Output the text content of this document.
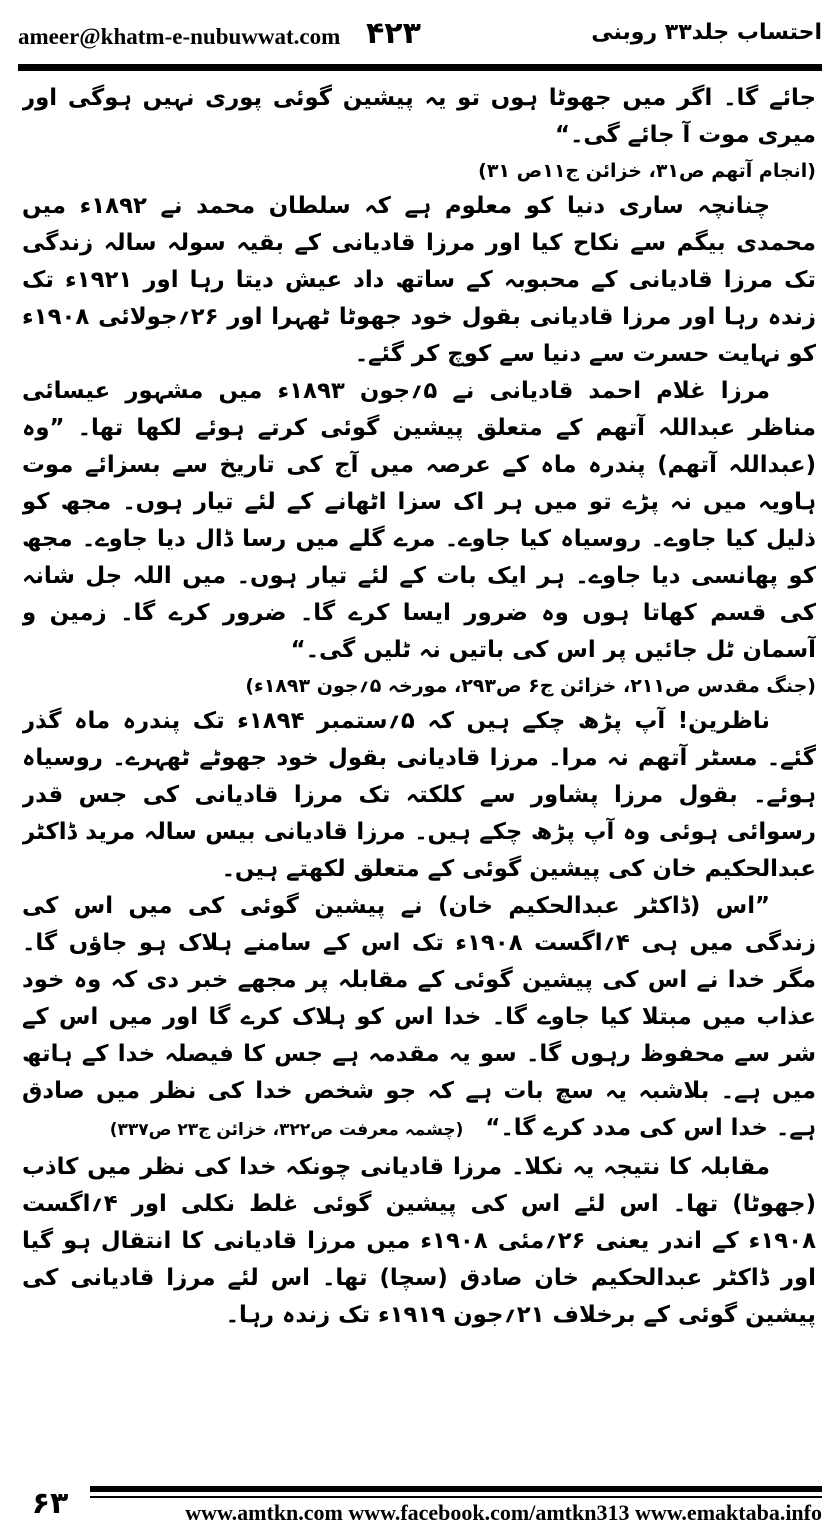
ameer@khatm-e-nubuwwat.com ۴۲۳	احتساب جلد۳۳ روبنی

جائے گا۔ اگر میں جھوٹا ہوں تو یہ پیشین گوئی پوری نہیں ہوگی اور میری موت آ جائے گی۔“

(انجام آتھم ص۳۱، خزائن ج۱۱ص ۳۱)

چنانچہ ساری دنیا کو معلوم ہے کہ سلطان محمد نے ۱۸۹۲ء میں محمدی بیگم سے نکاح کیا اور مرزا قادیانی کے بقیہ سولہ سالہ زندگی تک مرزا قادیانی کے محبوبہ کے ساتھ داد عیش دیتا رہا اور ۱۹۲۱ء تک زندہ رہا اور مرزا قادیانی بقول خود جھوٹا ٹھہرا اور ۲۶؍جولائی ۱۹۰۸ء کو نہایت حسرت سے دنیا سے کوچ کر گئے۔

مرزا غلام احمد قادیانی نے ۵؍جون ۱۸۹۳ء میں مشہور عیسائی مناظر عبداللہ آتھم کے متعلق پیشین گوئی کرتے ہوئے لکھا تھا۔ ”وہ (عبداللہ آتھم) پندرہ ماہ کے عرصہ میں آج کی تاریخ سے بسزائے موت ہاویہ میں نہ پڑے تو میں ہر اک سزا اٹھانے کے لئے تیار ہوں۔ مجھ کو ذلیل کیا جاوے۔ روسیاہ کیا جاوے۔ مرے گلے میں رسا ڈال دیا جاوے۔ مجھ کو پھانسی دیا جاوے۔ ہر ایک بات کے لئے تیار ہوں۔ میں اللہ جل شانہ کی قسم کھاتا ہوں وہ ضرور ایسا کرے گا۔ ضرور کرے گا۔ زمین و آسمان ٹل جائیں پر اس کی باتیں نہ ٹلیں گی۔“

(جنگ مقدس ص۲۱۱، خزائن ج۶ ص۲۹۳، مورخہ ۵؍جون ۱۸۹۳ء)

ناظرین! آپ پڑھ چکے ہیں کہ ۵؍ستمبر ۱۸۹۴ء تک پندرہ ماہ گذر گئے۔ مسٹر آتھم نہ مرا۔ مرزا قادیانی بقول خود جھوٹے ٹھہرے۔ روسیاہ ہوئے۔ بقول مرزا پشاور سے کلکتہ تک مرزا قادیانی کی جس قدر رسوائی ہوئی وہ آپ پڑھ چکے ہیں۔ مرزا قادیانی بیس سالہ مرید ڈاکٹر عبدالحکیم خان کی پیشین گوئی کے متعلق لکھتے ہیں۔

”اس (ڈاکٹر عبدالحکیم خان) نے پیشین گوئی کی میں اس کی زندگی میں ہی ۴؍اگست ۱۹۰۸ء تک اس کے سامنے ہلاک ہو جاؤں گا۔ مگر خدا نے اس کی پیشین گوئی کے مقابلہ پر مجھے خبر دی کہ وہ خود عذاب میں مبتلا کیا جاوے گا۔ خدا اس کو ہلاک کرے گا اور میں اس کے شر سے محفوظ رہوں گا۔ سو یہ مقدمہ ہے جس کا فیصلہ خدا کے ہاتھ میں ہے۔ بلاشبہ یہ سچ بات ہے کہ جو شخص خدا کی نظر میں صادق ہے۔ خدا اس کی مدد کرے گا۔“ (چشمہ معرفت ص۳۲۲، خزائن ج۲۳ ص۳۳۷)

مقابلہ کا نتیجہ یہ نکلا۔ مرزا قادیانی چونکہ خدا کی نظر میں کاذب (جھوٹا) تھا۔ اس لئے اس کی پیشین گوئی غلط نکلی اور ۴؍اگست ۱۹۰۸ء کے اندر یعنی ۲۶؍مئی ۱۹۰۸ء میں مرزا قادیانی کا انتقال ہو گیا اور ڈاکٹر عبدالحکیم خان صادق (سچا) تھا۔ اس لئے مرزا قادیانی کی پیشین گوئی کے برخلاف ۲۱؍جون ۱۹۱۹ء تک زندہ رہا۔

۶۳	www.amtkn.com www.facebook.com/amtkn313 www.emaktaba.info
